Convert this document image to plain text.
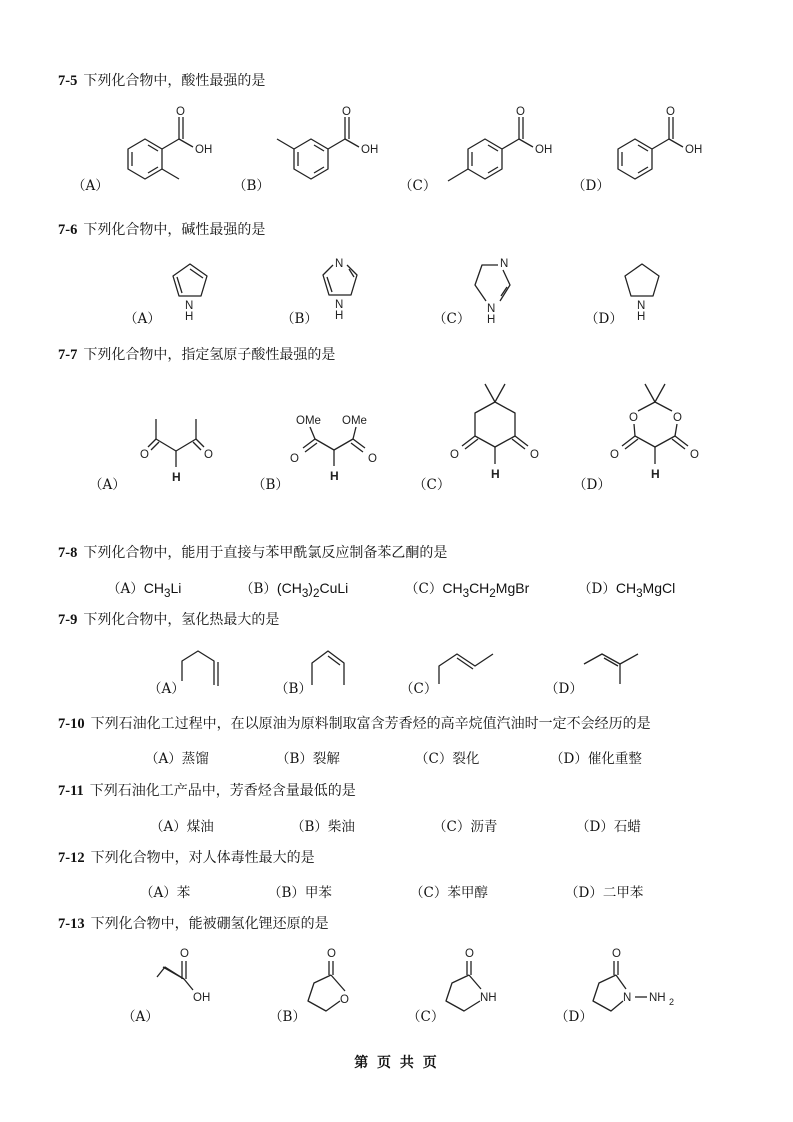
7-5 下列化合物中，酸性最强的是
（A）	（B）	（C）	（D）
O
OH
O
OH
O
OH
O
OH
7-6 下列化合物中，碱性最强的是
（A）	（B）	（C）	（D）
N
H
N
N
H
N
N
H
N
H
7-7 下列化合物中，指定氢原子酸性最强的是
（A）	（B）	（C）	（D）
O	O
H
OMe OMe
O	O
H
O	O
H
O	O
O	O
H
7-8 下列化合物中，能用于直接与苯甲酰氯反应制备苯乙酮的是
$(A)CH_3Li$	$(B)(CH_3)_2CuLi$	$(C)CH_3CH_2MgBr$	$(D)CH_3MgCl$
7-9 下列化合物中，氢化热最大的是
（A）	（B）	（C）	（D）
7-10 下列石油化工过程中，在以原油为原料制取富含芳香烃的高辛烷值汽油时一定不会经历的是
（A）蒸馏	（B）裂解	（C）裂化	（D）催化重整
7-11 下列石油化工产品中，芳香烃含量最低的是
（A）煤油	（B）柴油	（C）沥青	（D）石蜡
7-12 下列化合物中，对人体毒性最大的是
（A）苯	（B）甲苯	（C）苯甲醇	（D）二甲苯
7-13 下列化合物中，能被硼氢化锂还原的是
（A）	（B）	（C）	（D）
O
OH
O
O
O
NH
O
N NH 2
第 页 共 页
